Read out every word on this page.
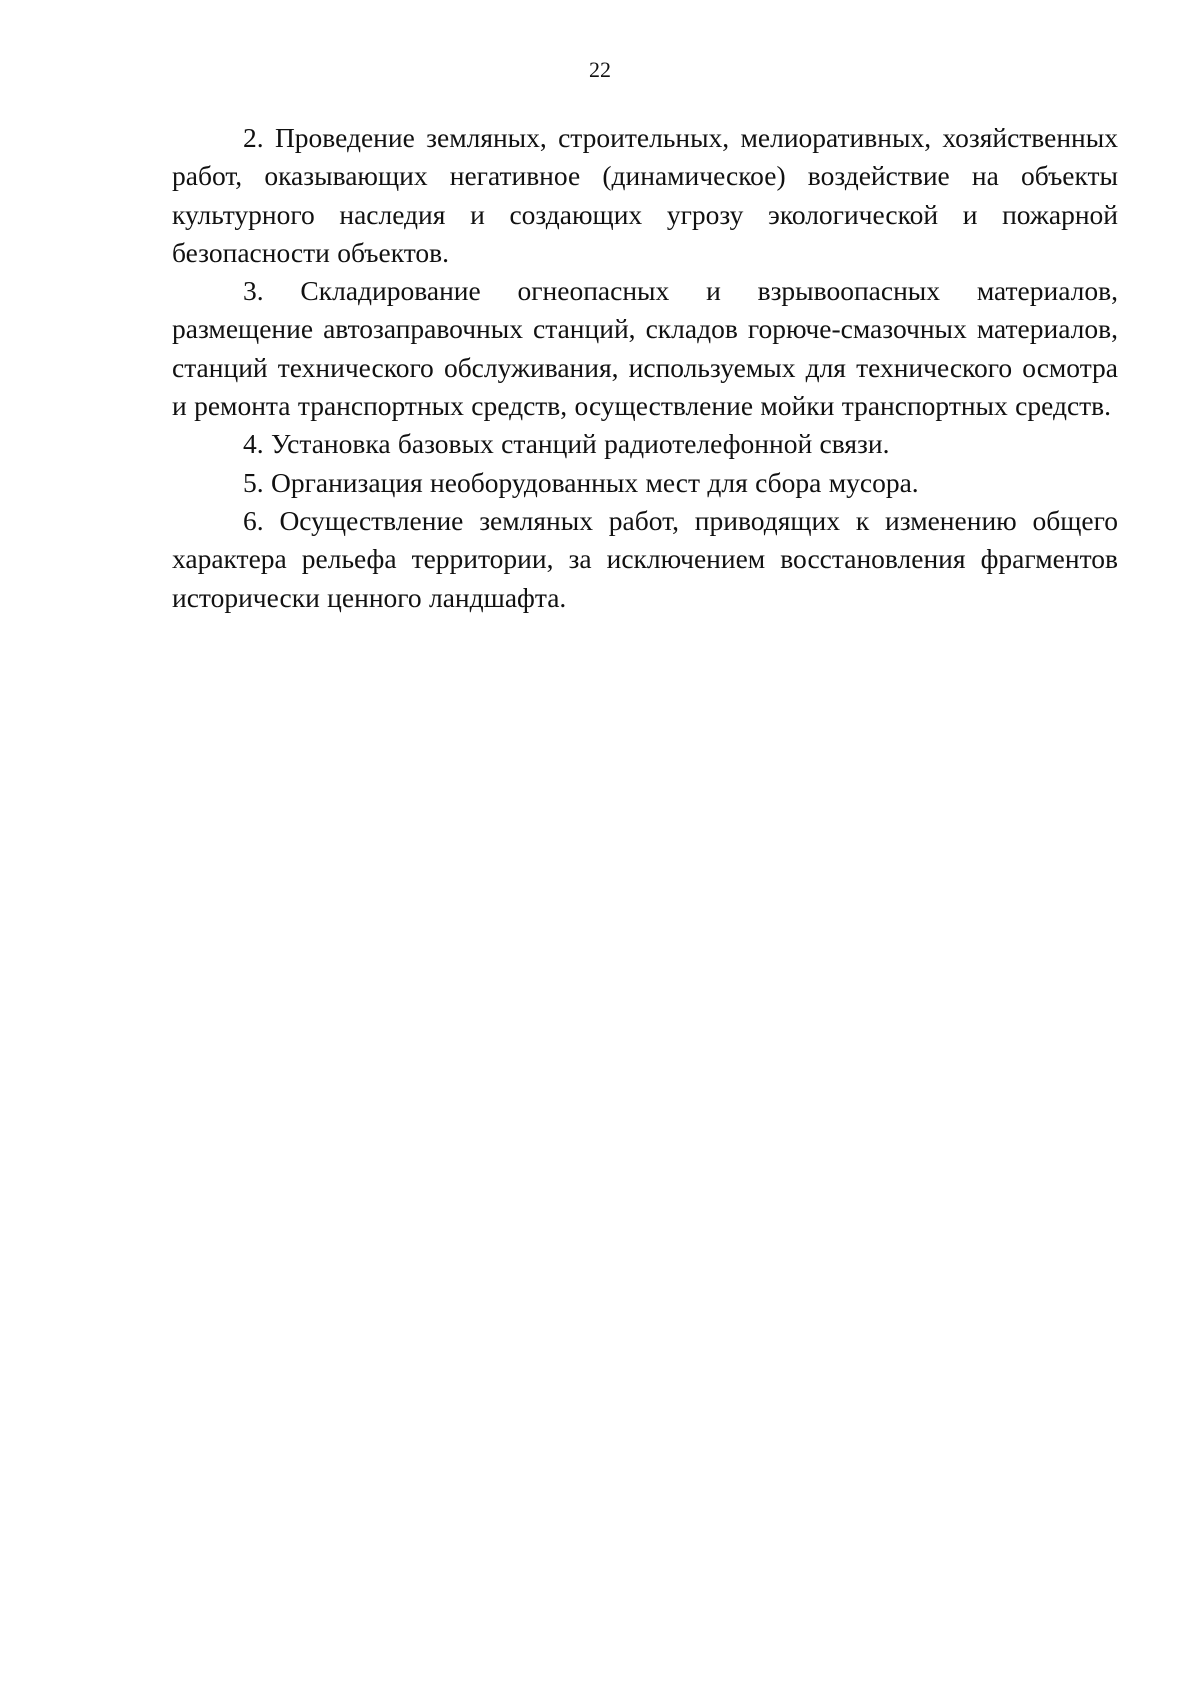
22

2. Проведение земляных, строительных, мелиоративных, хозяйственных работ, оказывающих негативное (динамическое) воздействие на объекты культурного наследия и создающих угрозу экологической и пожарной безопасности объектов.

3. Складирование огнеопасных и взрывоопасных материалов, размещение автозаправочных станций, складов горюче-смазочных материалов, станций технического обслуживания, используемых для технического осмотра и ремонта транспортных средств, осуществление мойки транспортных средств.

4. Установка базовых станций радиотелефонной связи.

5. Организация необорудованных мест для сбора мусора.

6. Осуществление земляных работ, приводящих к изменению общего характера рельефа территории, за исключением восстановления фрагментов исторически ценного ландшафта.
